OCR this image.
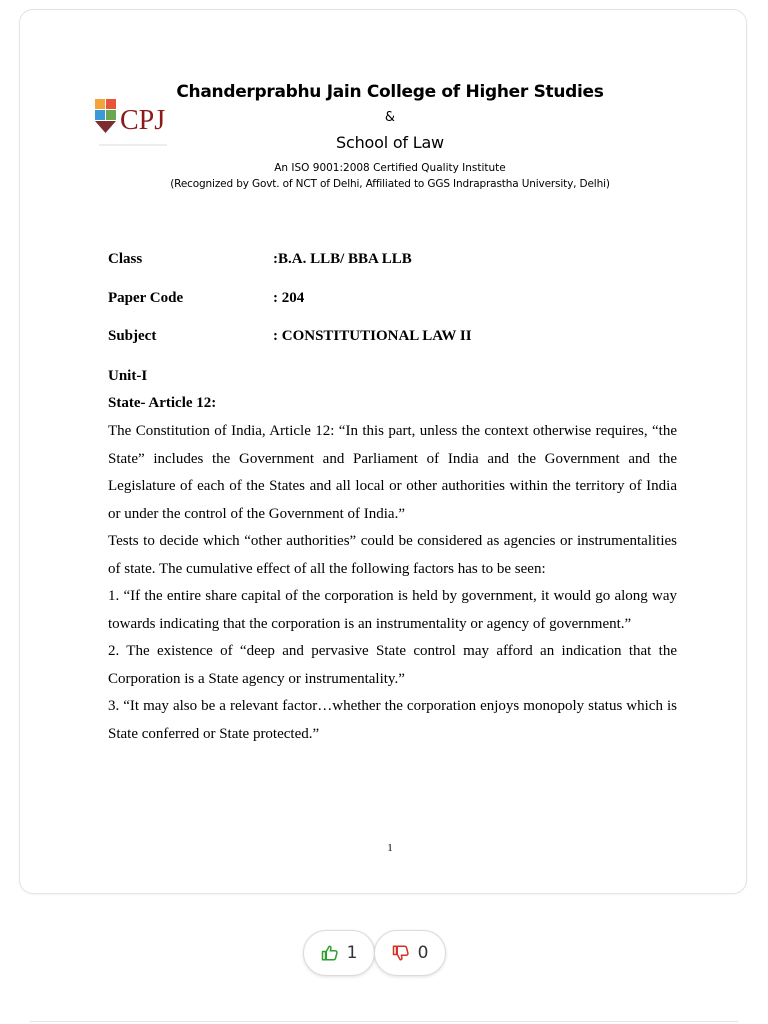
CPJ
Chanderprabhu Jain College of Higher Studies
&
School of Law
An ISO 9001:2008 Certified Quality Institute
(Recognized by Govt. of NCT of Delhi, Affiliated to GGS Indraprastha University, Delhi)
Class	:B.A. LLB/ BBA LLB
Paper Code	: 204
Subject	: CONSTITUTIONAL LAW II
Unit-I
State- Article 12:

The Constitution of India, Article 12: “In this part, unless the context otherwise requires, “the State” includes the Government and Parliament of India and the Government and the Legislature of each of the States and all local or other authorities within the territory of India or under the control of the Government of India.”

Tests to decide which “other authorities” could be considered as agencies or instrumentalities of state. The cumulative effect of all the following factors has to be seen:

1. “If the entire share capital of the corporation is held by government, it would go along way towards indicating that the corporation is an instrumentality or agency of government.”

2. The existence of “deep and pervasive State control may afford an indication that the Corporation is a State agency or instrumentality.”

3. “It may also be a relevant factor…whether the corporation enjoys monopoly status which is State conferred or State protected.”

1
1	0
